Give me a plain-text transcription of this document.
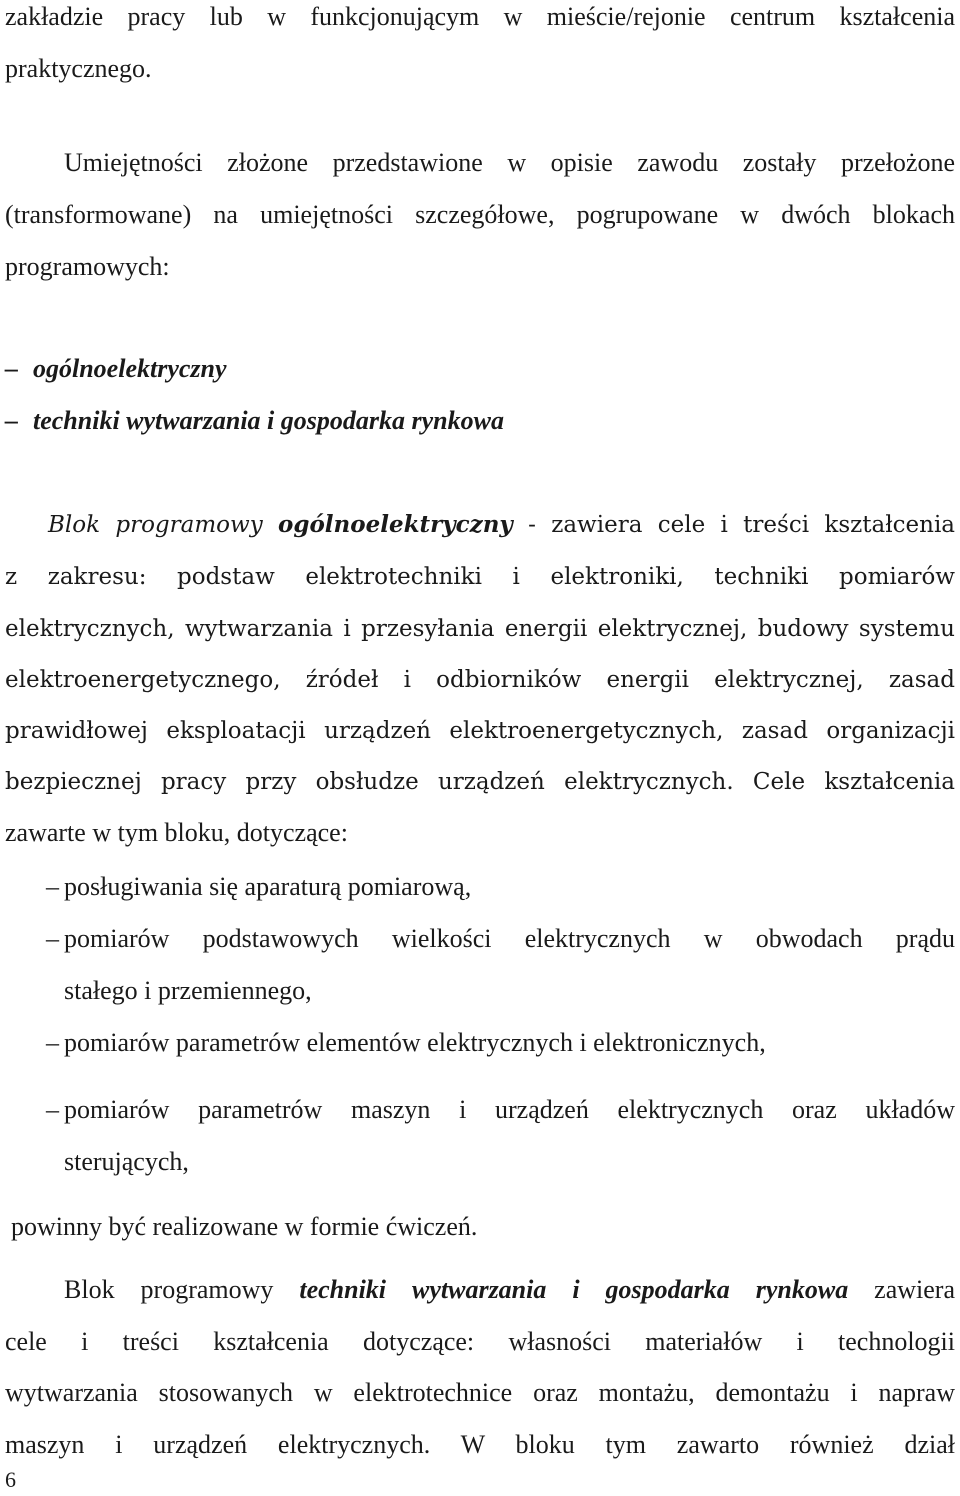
zakładzie pracy lub w funkcjonującym w mieście/rejonie centrum kształcenia
praktycznego.
Umiejętności złożone przedstawione w opisie zawodu zostały przełożone
(transformowane) na umiejętności szczegółowe, pogrupowane w dwóch blokach
programowych:
– ogólnoelektryczny
– techniki wytwarzania i gospodarka rynkowa
Blok programowy ogólnoelektryczny - zawiera cele i treści kształcenia
z zakresu: podstaw elektrotechniki i elektroniki, techniki pomiarów
elektrycznych, wytwarzania i przesyłania energii elektrycznej, budowy systemu
elektroenergetycznego, źródeł i odbiorników energii elektrycznej, zasad
prawidłowej eksploatacji urządzeń elektroenergetycznych, zasad organizacji
bezpiecznej pracy przy obsłudze urządzeń elektrycznych. Cele kształcenia
zawarte w tym bloku, dotyczące:
– posługiwania się aparaturą pomiarową,
– pomiarów podstawowych wielkości elektrycznych w obwodach prądu
stałego i przemiennego,
– pomiarów parametrów elementów elektrycznych i elektronicznych,
– pomiarów parametrów maszyn i urządzeń elektrycznych oraz układów
sterujących,
powinny być realizowane w formie ćwiczeń.
Blok programowy techniki wytwarzania i gospodarka rynkowa zawiera
cele i treści kształcenia dotyczące: własności materiałów i technologii
wytwarzania stosowanych w elektrotechnice oraz montażu, demontażu i napraw
maszyn i urządzeń elektrycznych. W bloku tym zawarto również dział
6
